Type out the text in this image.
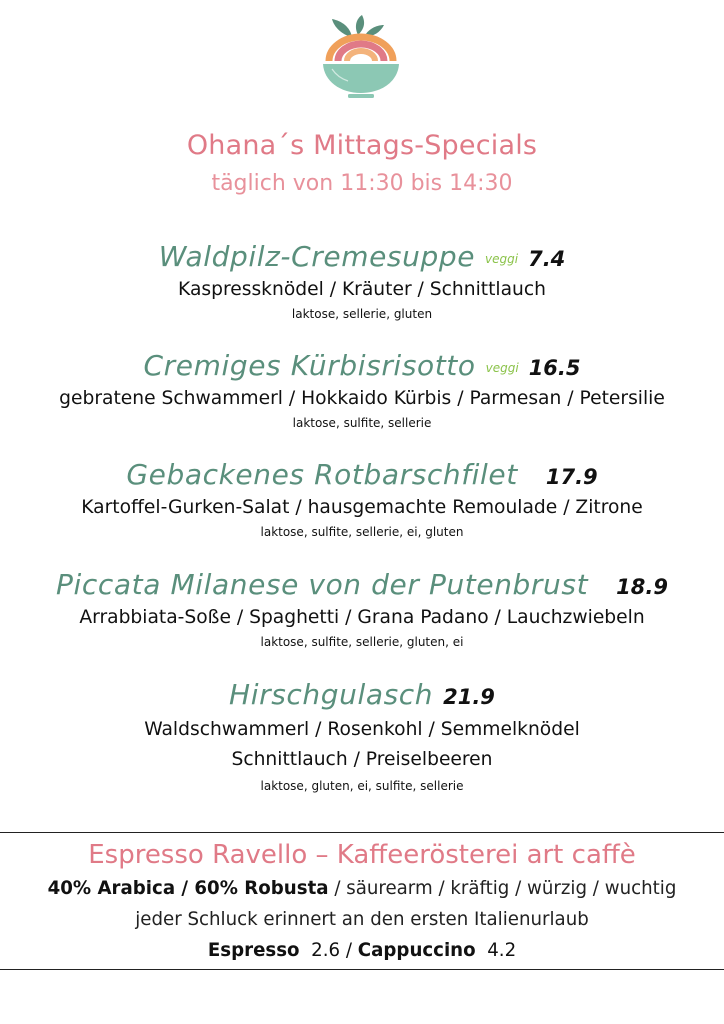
Ohana´s Mittags-Specials
täglich von 11:30 bis 14:30
Waldpilz-Cremesuppe veggi 7.4
Kaspressknödel / Kräuter / Schnittlauch
laktose, sellerie, gluten
Cremiges Kürbisrisotto veggi 16.5
gebratene Schwammerl / Hokkaido Kürbis / Parmesan / Petersilie
laktose, sulfite, sellerie
Gebackenes Rotbarschfilet 17.9
Kartoffel-Gurken-Salat / hausgemachte Remoulade / Zitrone
laktose, sulfite, sellerie, ei, gluten
Piccata Milanese von der Putenbrust 18.9
Arrabbiata-Soße / Spaghetti / Grana Padano / Lauchzwiebeln
laktose, sulfite, sellerie, gluten, ei
Hirschgulasch 21.9
Waldschwammerl / Rosenkohl / Semmelknödel
Schnittlauch / Preiselbeeren
laktose, gluten, ei, sulfite, sellerie
Espresso Ravello – Kaffeerösterei art caffè
40% Arabica / 60% Robusta / säurearm / kräftig / würzig / wuchtig
jeder Schluck erinnert an den ersten Italienurlaub
Espresso 2.6 / Cappuccino 4.2
